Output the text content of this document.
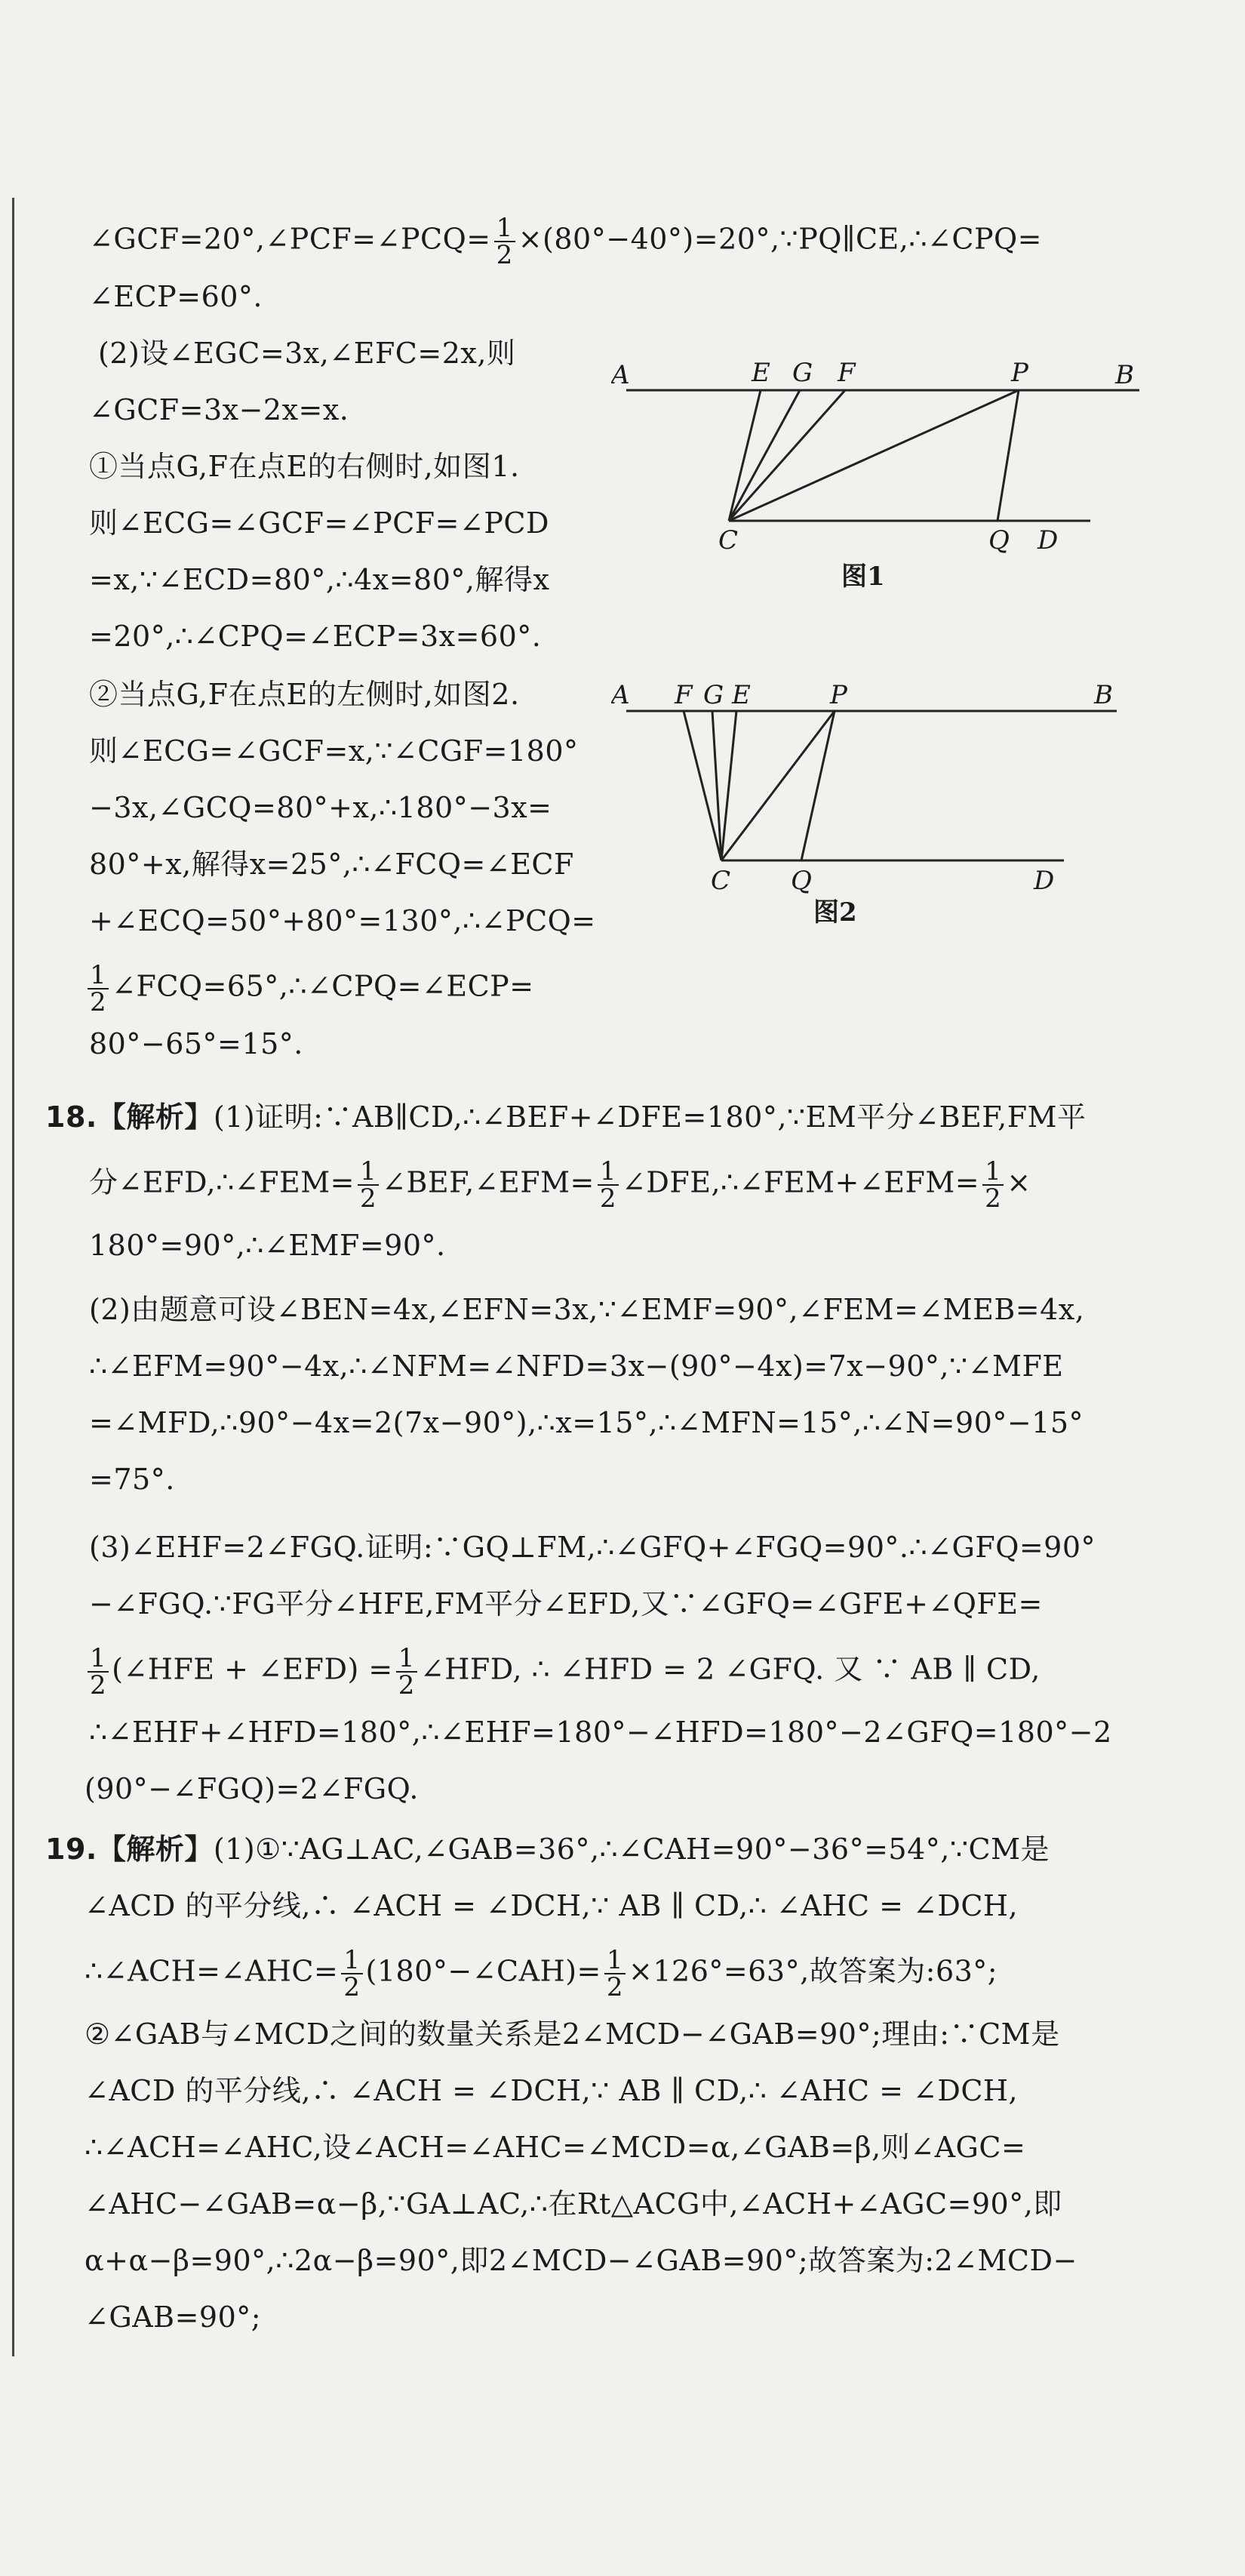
∠GCF=20°,∠PCF=∠PCQ= $\frac{1}{2}$ ×(80°−40°)=20°,∵PQ∥CE,∴∠CPQ=
∠ECP=60°.
(2)设∠EGC=3x,∠EFC=2x,则
∠GCF=3x−2x=x.
①当点G,F在点E的右侧时,如图1.
则∠ECG=∠GCF=∠PCF=∠PCD
=x,∵∠ECD=80°,∴4x=80°,解得x
=20°,∴∠CPQ=∠ECP=3x=60°.
②当点G,F在点E的左侧时,如图2.
则∠ECG=∠GCF=x,∵∠CGF=180°
−3x,∠GCQ=80°+x,∴180°−3x=
80°+x,解得x=25°,∴∠FCQ=∠ECF
+∠ECQ=50°+80°=130°,∴∠PCQ=
$\frac{1}{2}$ ∠FCQ=65°,∴∠CPQ=∠ECP=
80°−65°=15°.
A	E G F	P	B
C	Q D
图1
A F G E	P	B
C Q	D
图2
18.【解析】(1)证明:∵AB∥CD,∴∠BEF+∠DFE=180°,∵EM平分∠BEF,FM平
分∠EFD,∴∠FEM= $\frac{1}{2}$ ∠BEF,∠EFM= $\frac{1}{2}$ ∠DFE,∴∠FEM+∠EFM= $\frac{1}{2}$ ×
180°=90°,∴∠EMF=90°.
(2)由题意可设∠BEN=4x,∠EFN=3x,∵∠EMF=90°,∠FEM=∠MEB=4x,
∴∠EFM=90°−4x,∴∠NFM=∠NFD=3x−(90°−4x)=7x−90°,∵∠MFE
=∠MFD,∴90°−4x=2(7x−90°),∴x=15°,∴∠MFN=15°,∴∠N=90°−15°
=75°.
(3)∠EHF=2∠FGQ.证明:∵GQ⊥FM,∴∠GFQ+∠FGQ=90°.∴∠GFQ=90°
−∠FGQ.∵FG平分∠HFE,FM平分∠EFD,又∵∠GFQ=∠GFE+∠QFE=
$\frac{1}{2}$ (∠HFE + ∠EFD) = $\frac{1}{2}$ ∠HFD, ∴ ∠HFD = 2 ∠GFQ. 又 ∵ AB ∥ CD,
∴∠EHF+∠HFD=180°,∴∠EHF=180°−∠HFD=180°−2∠GFQ=180°−2
(90°−∠FGQ)=2∠FGQ.
19.【解析】(1)①∵AG⊥AC,∠GAB=36°,∴∠CAH=90°−36°=54°,∵CM是
∠ACD 的平分线,∴ ∠ACH = ∠DCH,∵ AB ∥ CD,∴ ∠AHC = ∠DCH,
∴∠ACH=∠AHC= $\frac{1}{2}$ (180°−∠CAH)= $\frac{1}{2} \times 126^\circ=63^\circ$,故答案为:63°;
②∠GAB与∠MCD之间的数量关系是2∠MCD−∠GAB=90°;理由:∵CM是
∠ACD 的平分线,∴ ∠ACH = ∠DCH,∵ AB ∥ CD,∴ ∠AHC = ∠DCH,
∴∠ACH=∠AHC,设∠ACH=∠AHC=∠MCD=α,∠GAB=β,则∠AGC=
∠AHC−∠GAB=α−β,∵GA⊥AC,∴在Rt△ACG中,∠ACH+∠AGC=90°,即
α+α−β=90°,∴2α−β=90°,即2∠MCD−∠GAB=90°;故答案为:2∠MCD−
∠GAB=90°;
